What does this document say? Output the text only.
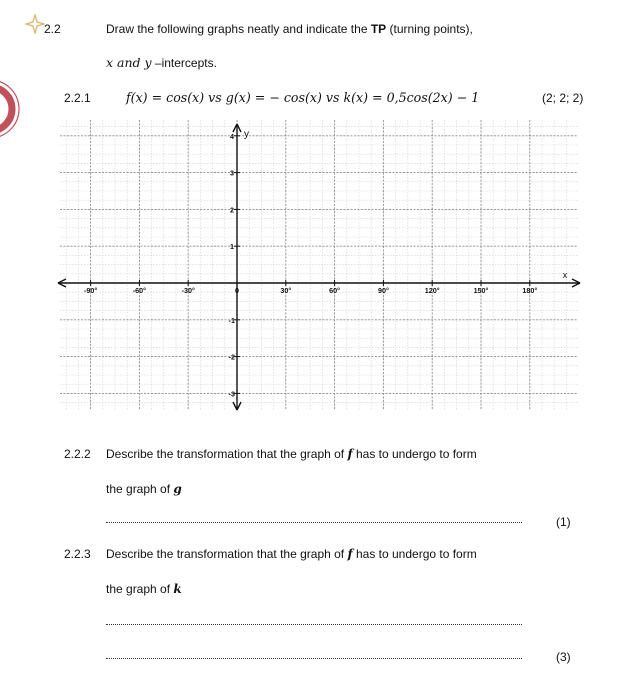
2.2	Draw the following graphs neatly and indicate the TP (turning points),
x and y –intercepts.
2.2.1	f(x) = cos(x) vs g(x) = − cos(x) vs k(x) = 0,5cos(2x) − 1	(2; 2; 2)
-90°	-60°	-30°	0	30°	60°	90°	120°	150°	180°
4
3
2
1
-1
-2
-3
x
y
2.2.2 Describe the transformation that the graph of f has to undergo to form
the graph of g
(1)
2.2.3 Describe the transformation that the graph of f has to undergo to form
the graph of k
(3)
